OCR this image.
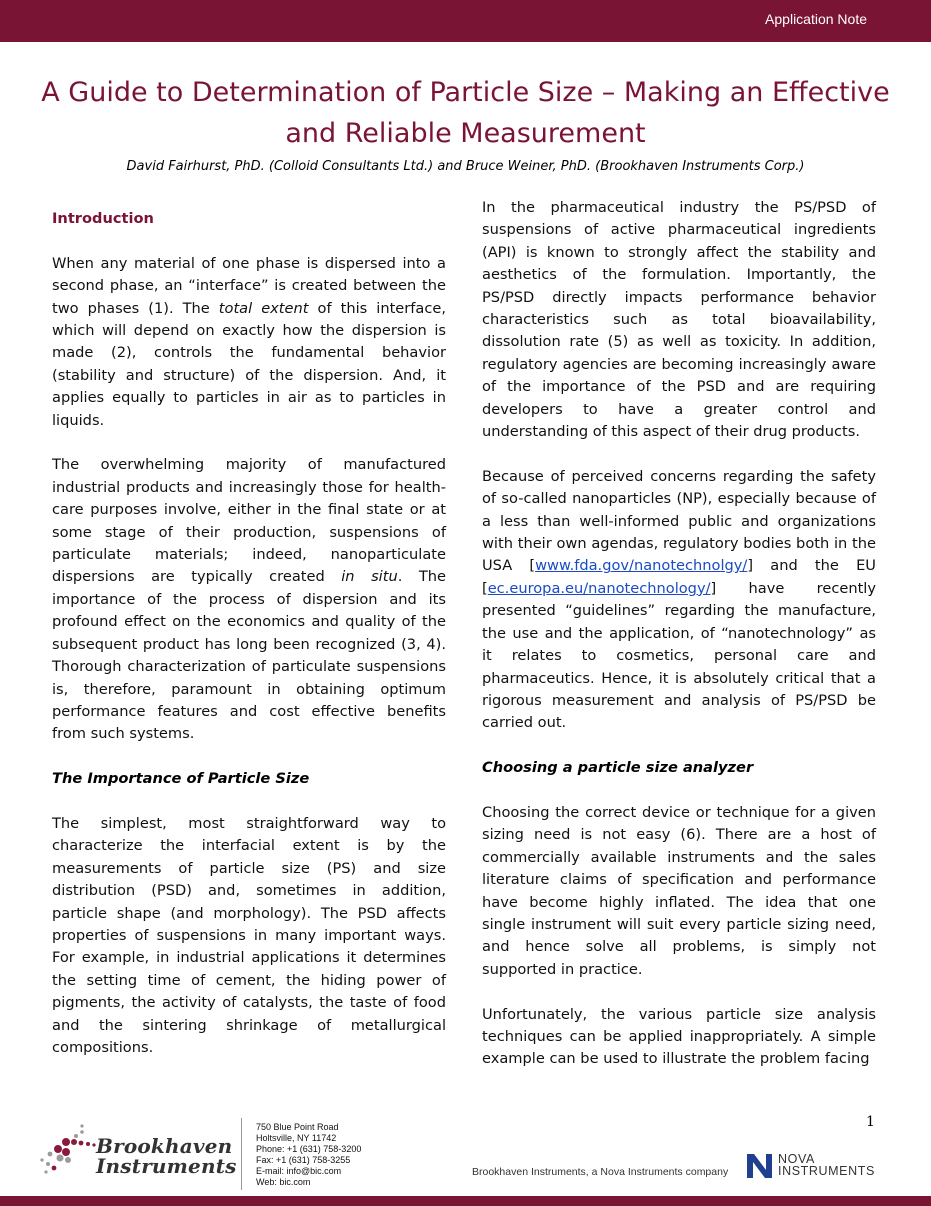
Application Note
A Guide to Determination of Particle Size – Making an Effective and Reliable Measurement
David Fairhurst, PhD. (Colloid Consultants Ltd.) and Bruce Weiner, PhD. (Brookhaven Instruments Corp.)
Introduction

When any material of one phase is dispersed into a second phase, an “interface” is created between the two phases (1). The total extent of this interface, which will depend on exactly how the dispersion is made (2), controls the fundamental behavior (stability and structure) of the dispersion. And, it applies equally to particles in air as to particles in liquids.

The overwhelming majority of manufactured industrial products and increasingly those for health-care purposes involve, either in the final state or at some stage of their production, suspensions of particulate materials; indeed, nanoparticulate dispersions are typically created in situ. The importance of the process of dispersion and its profound effect on the economics and quality of the subsequent product has long been recognized (3, 4). Thorough characterization of particulate suspensions is, therefore, paramount in obtaining optimum performance features and cost effective benefits from such systems.

The Importance of Particle Size

The simplest, most straightforward way to characterize the interfacial extent is by the measurements of particle size (PS) and size distribution (PSD) and, sometimes in addition, particle shape (and morphology). The PSD affects properties of suspensions in many important ways. For example, in industrial applications it determines the setting time of cement, the hiding power of pigments, the activity of catalysts, the taste of food and the sintering shrinkage of metallurgical compositions.

In the pharmaceutical industry the PS/PSD of suspensions of active pharmaceutical ingredients (API) is known to strongly affect the stability and aesthetics of the formulation. Importantly, the PS/PSD directly impacts performance behavior characteristics such as total bioavailability, dissolution rate (5) as well as toxicity. In addition, regulatory agencies are becoming increasingly aware of the importance of the PSD and are requiring developers to have a greater control and understanding of this aspect of their drug products.

Because of perceived concerns regarding the safety of so-called nanoparticles (NP), especially because of a less than well-informed public and organizations with their own agendas, regulatory bodies both in the USA [www.fda.gov/nanotechnolgy/] and the EU [ec.europa.eu/nanotechnology/] have recently presented “guidelines” regarding the manufacture, the use and the application, of “nanotechnology” as it relates to cosmetics, personal care and pharmaceutics. Hence, it is absolutely critical that a rigorous measurement and analysis of PS/PSD be carried out.

Choosing a particle size analyzer

Choosing the correct device or technique for a given sizing need is not easy (6). There are a host of commercially available instruments and the sales literature claims of specification and performance have become highly inflated. The idea that one single instrument will suit every particle sizing need, and hence solve all problems, is simply not supported in practice.

Unfortunately, the various particle size analysis techniques can be applied inappropriately. A simple example can be used to illustrate the problem facing

1
Brookhaven
Instruments
750 Blue Point Road
Holtsville, NY 11742
Phone: +1 (631) 758-3200
Fax: +1 (631) 758-3255
E-mail: info@bic.com
Web: bic.com
Brookhaven Instruments, a Nova Instruments company
NOVA
INSTRUMENTS
